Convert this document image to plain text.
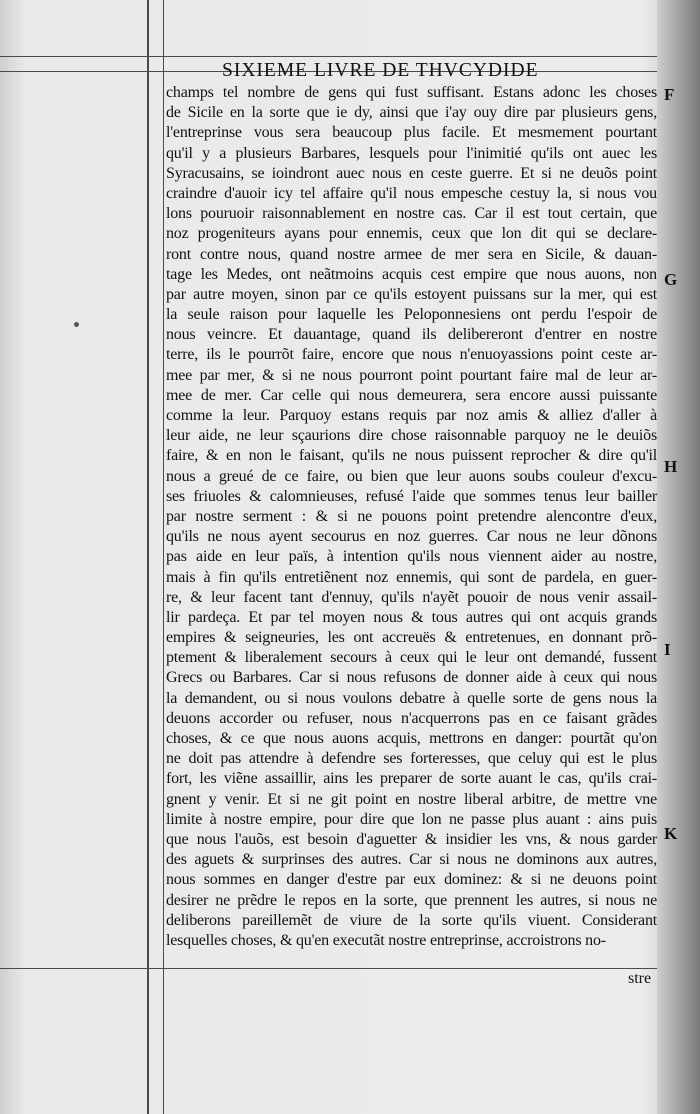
SIXIEME LIVRE DE THVCYDIDE
champs tel nombre de gens qui fust suffisant. Estans adonc les choses
de Sicile en la sorte que ie dy, ainsi que i'ay ouy dire par plusieurs gens,
l'entreprinse vous sera beaucoup plus facile. Et mesmement pourtant
qu'il y a plusieurs Barbares, lesquels pour l'inimitié qu'ils ont auec les
Syracusains, se ioindront auec nous en ceste guerre. Et si ne deuõs point
craindre d'auoir icy tel affaire qu'il nous empesche cestuy la, si nous vou
lons pouruoir raisonnablement en nostre cas. Car il est tout certain, que
noz progeniteurs ayans pour ennemis, ceux que lon dit qui se declare-
ront contre nous, quand nostre armee de mer sera en Sicile, & dauan-
tage les Medes, ont neãtmoins acquis cest empire que nous auons, non
par autre moyen, sinon par ce qu'ils estoyent puissans sur la mer, qui est
la seule raison pour laquelle les Peloponnesiens ont perdu l'espoir de
nous veincre. Et dauantage, quand ils delibereront d'entrer en nostre
terre, ils le pourrõt faire, encore que nous n'enuoyassions point ceste ar-
mee par mer, & si ne nous pourront point pourtant faire mal de leur ar-
mee de mer. Car celle qui nous demeurera, sera encore aussi puissante
comme la leur. Parquoy estans requis par noz amis & alliez d'aller à
leur aide, ne leur sçaurions dire chose raisonnable parquoy ne le deuiõs
faire, & en non le faisant, qu'ils ne nous puissent reprocher & dire qu'il
nous a greué de ce faire, ou bien que leur auons soubs couleur d'excu-
ses friuoles & calomnieuses, refusé l'aide que sommes tenus leur bailler
par nostre serment : & si ne pouons point pretendre alencontre d'eux,
qu'ils ne nous ayent secourus en noz guerres. Car nous ne leur dõnons
pas aide en leur païs, à intention qu'ils nous viennent aider au nostre,
mais à fin qu'ils entretiẽnent noz ennemis, qui sont de pardela, en guer-
re, & leur facent tant d'ennuy, qu'ils n'ayẽt pouoir de nous venir assail-
lir pardeça. Et par tel moyen nous & tous autres qui ont acquis grands
empires & seigneuries, les ont accreuës & entretenues, en donnant prõ-
ptement & liberalement secours à ceux qui le leur ont demandé, fussent
Grecs ou Barbares. Car si nous refusons de donner aide à ceux qui nous
la demandent, ou si nous voulons debatre à quelle sorte de gens nous la
deuons accorder ou refuser, nous n'acquerrons pas en ce faisant grãdes
choses, & ce que nous auons acquis, mettrons en danger: pourtãt qu'on
ne doit pas attendre à defendre ses forteresses, que celuy qui est le plus
fort, les viẽne assaillir, ains les preparer de sorte auant le cas, qu'ils crai-
gnent y venir. Et si ne git point en nostre liberal arbitre, de mettre vne
limite à nostre empire, pour dire que lon ne passe plus auant : ains puis
que nous l'auõs, est besoin d'aguetter & insidier les vns, & nous garder
des aguets & surprinses des autres. Car si nous ne dominons aux autres,
nous sommes en danger d'estre par eux dominez: & si ne deuons point
desirer ne prẽdre le repos en la sorte, que prennent les autres, si nous ne
deliberons pareillemẽt de viure de la sorte qu'ils viuent. Considerant
lesquelles choses, & qu'en executãt nostre entreprinse, accroistrons no-
F
G
H
I
K
stre
